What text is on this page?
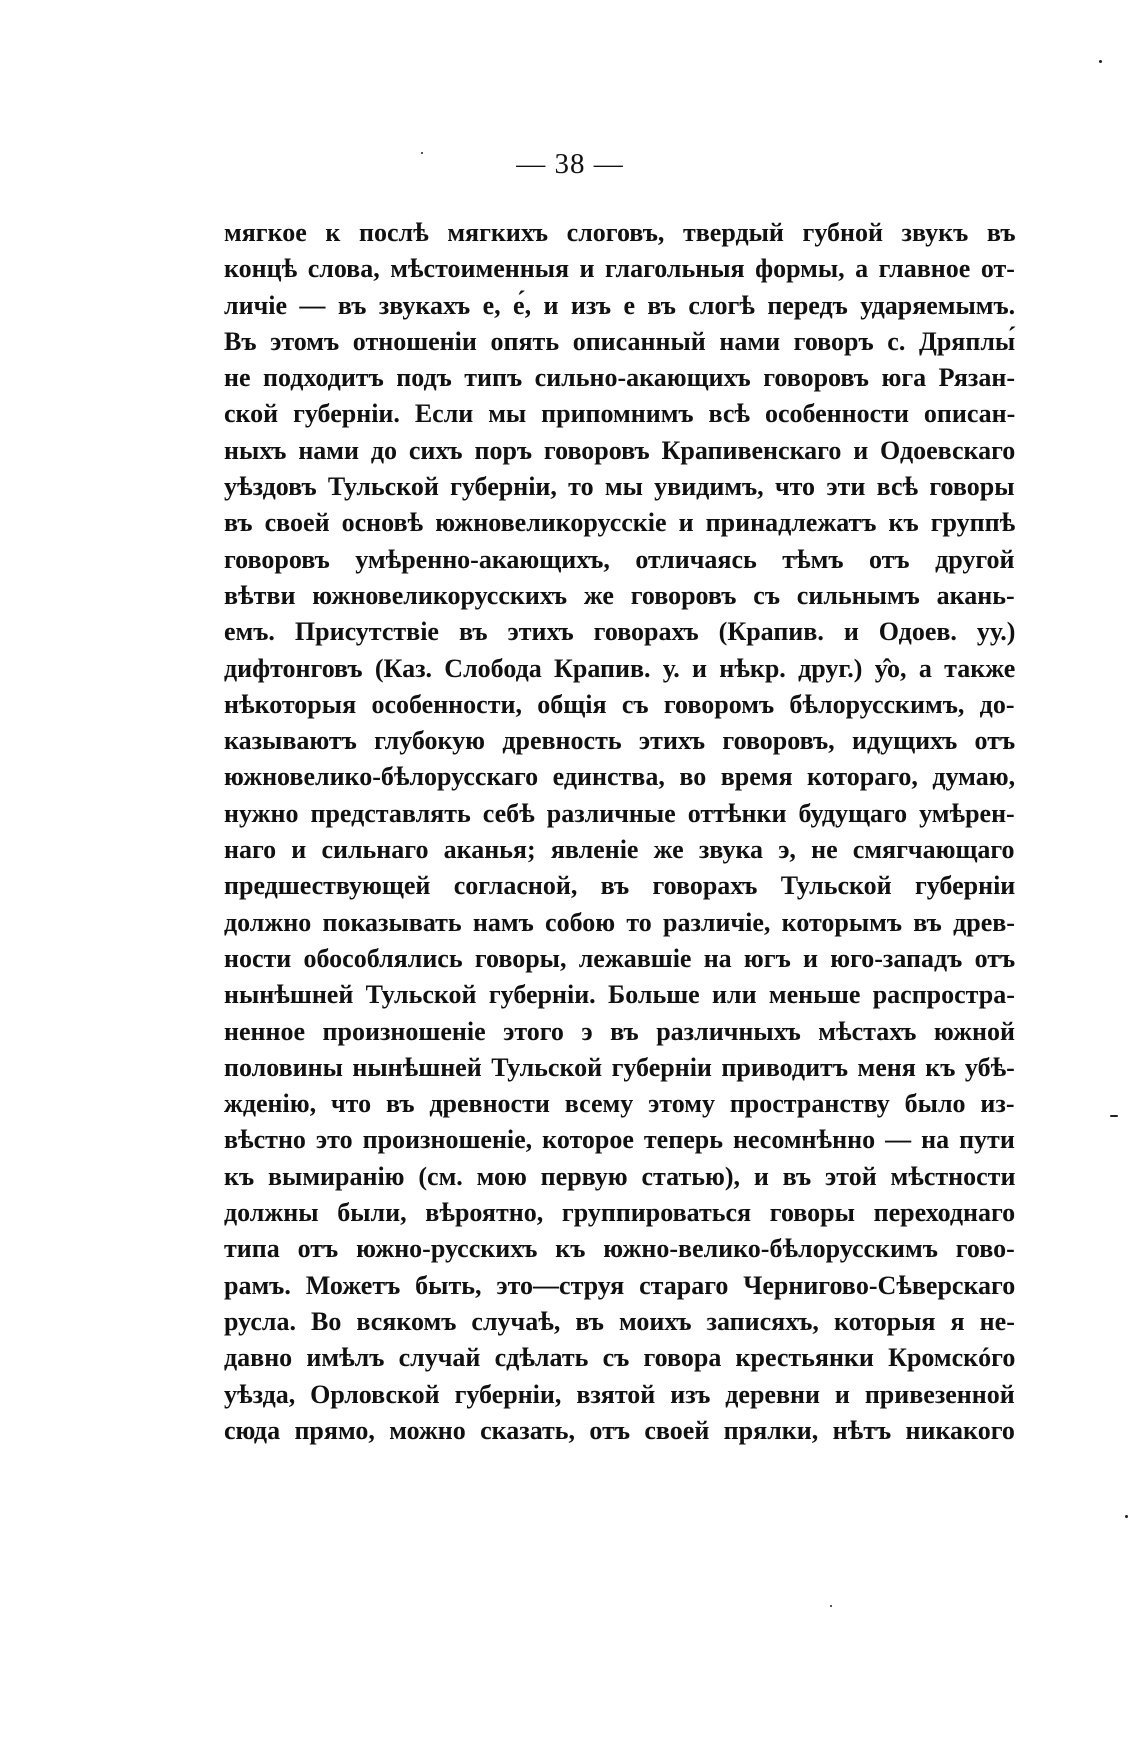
— 38 —
мягкое к послѣ мягкихъ слоговъ, твердый губной звукъ въ
концѣ слова, мѣстоименныя и глагольныя формы, а главное от-
личіе — въ звукахъ е, е́, и изъ е въ слогѣ передъ ударяемымъ.
Въ этомъ отношенiи опять описанный нами говоръ с. Дряплы́
не подходитъ подъ типъ сильно-акающихъ говоровъ юга Рязан-
ской губерніи. Если мы припомнимъ всѣ особенности описан-
ныхъ нами до сихъ поръ говоровъ Крапивенскаго и Одоевскаго
уѣздовъ Тульской губерніи, то мы увидимъ, что эти всѣ говоры
въ своей основѣ южновеликорусскіе и принадлежатъ къ группѣ
говоровъ умѣренно-акающихъ, отличаясь тѣмъ отъ другой
вѣтви южновеликорусскихъ же говоровъ съ сильнымъ акань-
емъ. Присутствіе въ этихъ говорахъ (Крапив. и Одоев. уу.)
дифтонговъ (Каз. Слобода Крапив. у. и нѣкр. друг.) у̂о, а также
нѣкоторыя особенности, общія съ говоромъ бѣлорусскимъ, до-
казываютъ глубокую древность этихъ говоровъ, идущихъ отъ
южновелико-бѣлорусскаго единства, во время котораго, думаю,
нужно представлять себѣ различные оттѣнки будущаго умѣрен-
наго и сильнаго аканья; явленіе же звука э, не смягчающаго
предшествующей согласной, въ говорахъ Тульской губерніи
должно показывать намъ собою то различіе, которымъ въ древ-
ности обособлялись говоры, лежавшіе на югъ и юго-западъ отъ
нынѣшней Тульской губерніи. Больше или меньше распростра-
ненное произношеніе этого э въ различныхъ мѣстахъ южной
половины нынѣшней Тульской губерніи приводитъ меня къ убѣ-
жденію, что въ древности всему этому пространству было из-
вѣстно это произношеніе, которое теперь несомнѣнно — на пути
къ вымиранію (см. мою первую статью), и въ этой мѣстности
должны были, вѣроятно, группироваться говоры переходнаго
типа отъ южно-русскихъ къ южно-велико-бѣлорусскимъ гово-
рамъ. Можетъ быть, это—струя стараго Черниговo-Сѣверскаго
русла. Во всякомъ случаѣ, въ моихъ записяхъ, которыя я не-
давно имѣлъ случай сдѣлать съ говора крестьянки Кромскóго
уѣзда, Орловской губерніи, взятой изъ деревни и привезенной
сюда прямо, можно сказать, отъ своей прялки, нѣтъ никакого
